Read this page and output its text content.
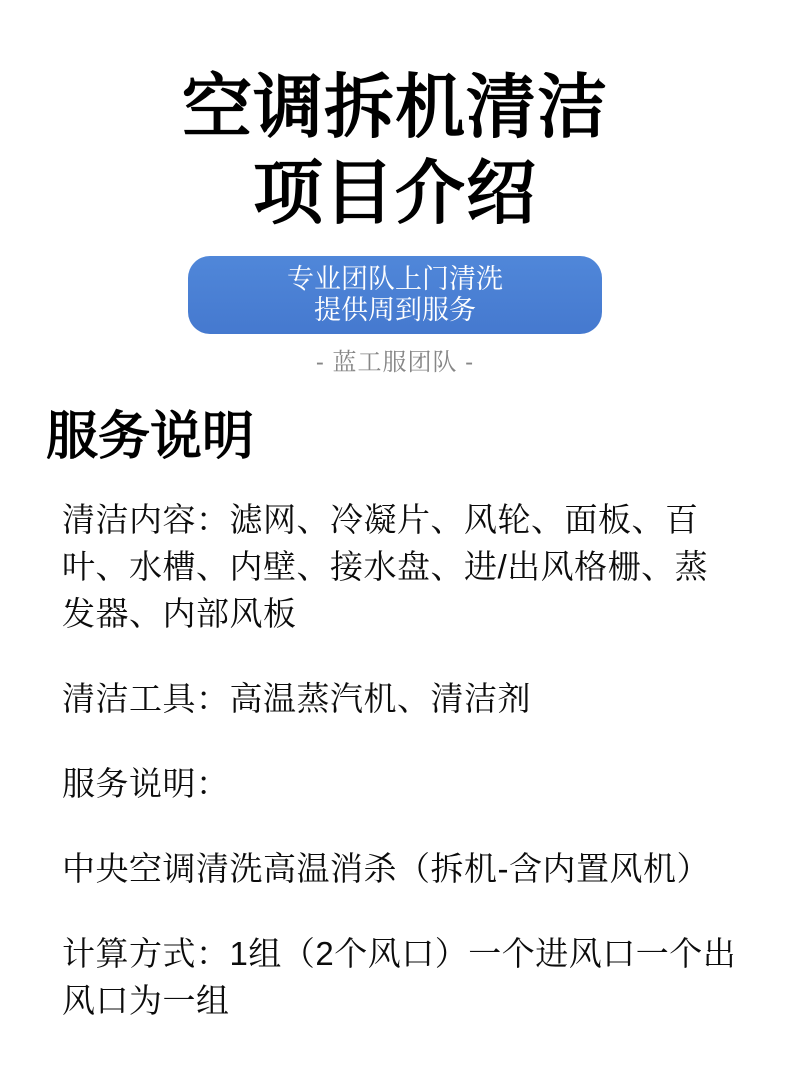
空调拆机清洁
项目介绍
专业团队上门清洗
提供周到服务
- 蓝工服团队 -
服务说明

清洁内容：滤网、冷凝片、风轮、面板、百叶、水槽、内壁、接水盘、进/出风格栅、蒸发器、内部风板

清洁工具：高温蒸汽机、清洁剂

服务说明：

中央空调清洗高温消杀（拆机-含内置风机）

计算方式：1组（2个风口）一个进风口一个出风口为一组
